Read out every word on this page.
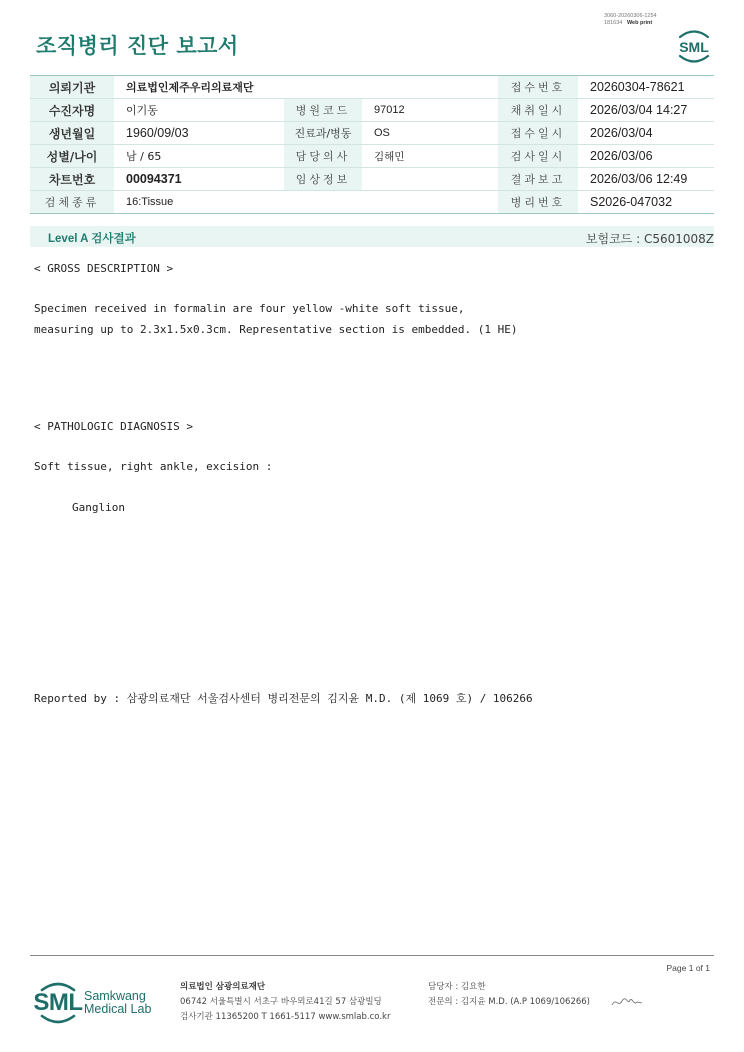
조직병리 진단 보고서
3060-20260306-1254
181634 Web print
SML
의뢰기관	의료법인제주우리의료재단			접수번호	20260304-78621
수진자명	이기동	병원코드	97012	채취일시	2026/03/04 14:27
생년월일	1960/09/03	진료과/병동	OS	접수일시	2026/03/04
성별/나이	남 / 65	담당의사	김해민	검사일시	2026/03/06
차트번호	00094371	임상정보		결과보고	2026/03/06 12:49
검체종류	16:Tissue			병리번호	S2026-047032
Level A 검사결과	보험코드 : C5601008Z
< GROSS DESCRIPTION >
Specimen received in formalin are four yellow -white soft tissue,
measuring up to 2.3x1.5x0.3cm. Representative section is embedded. (1 HE)
< PATHOLOGIC DIAGNOSIS >
Soft tissue, right ankle, excision :
Ganglion
Reported by : 삼광의료재단 서울검사센터 병리전문의 김지윤 M.D. (제 1069 호) / 106266
Page 1 of 1
SML Samkwang
Medical Lab
의료법인 삼광의료재단
06742 서울특별시 서초구 바우뫼로41길 57 삼광빌딩
검사기관 11365200 T 1661-5117 www.smlab.co.kr
담당자 : 김요한
전문의 : 김지윤 M.D. (A.P 1069/106266)
